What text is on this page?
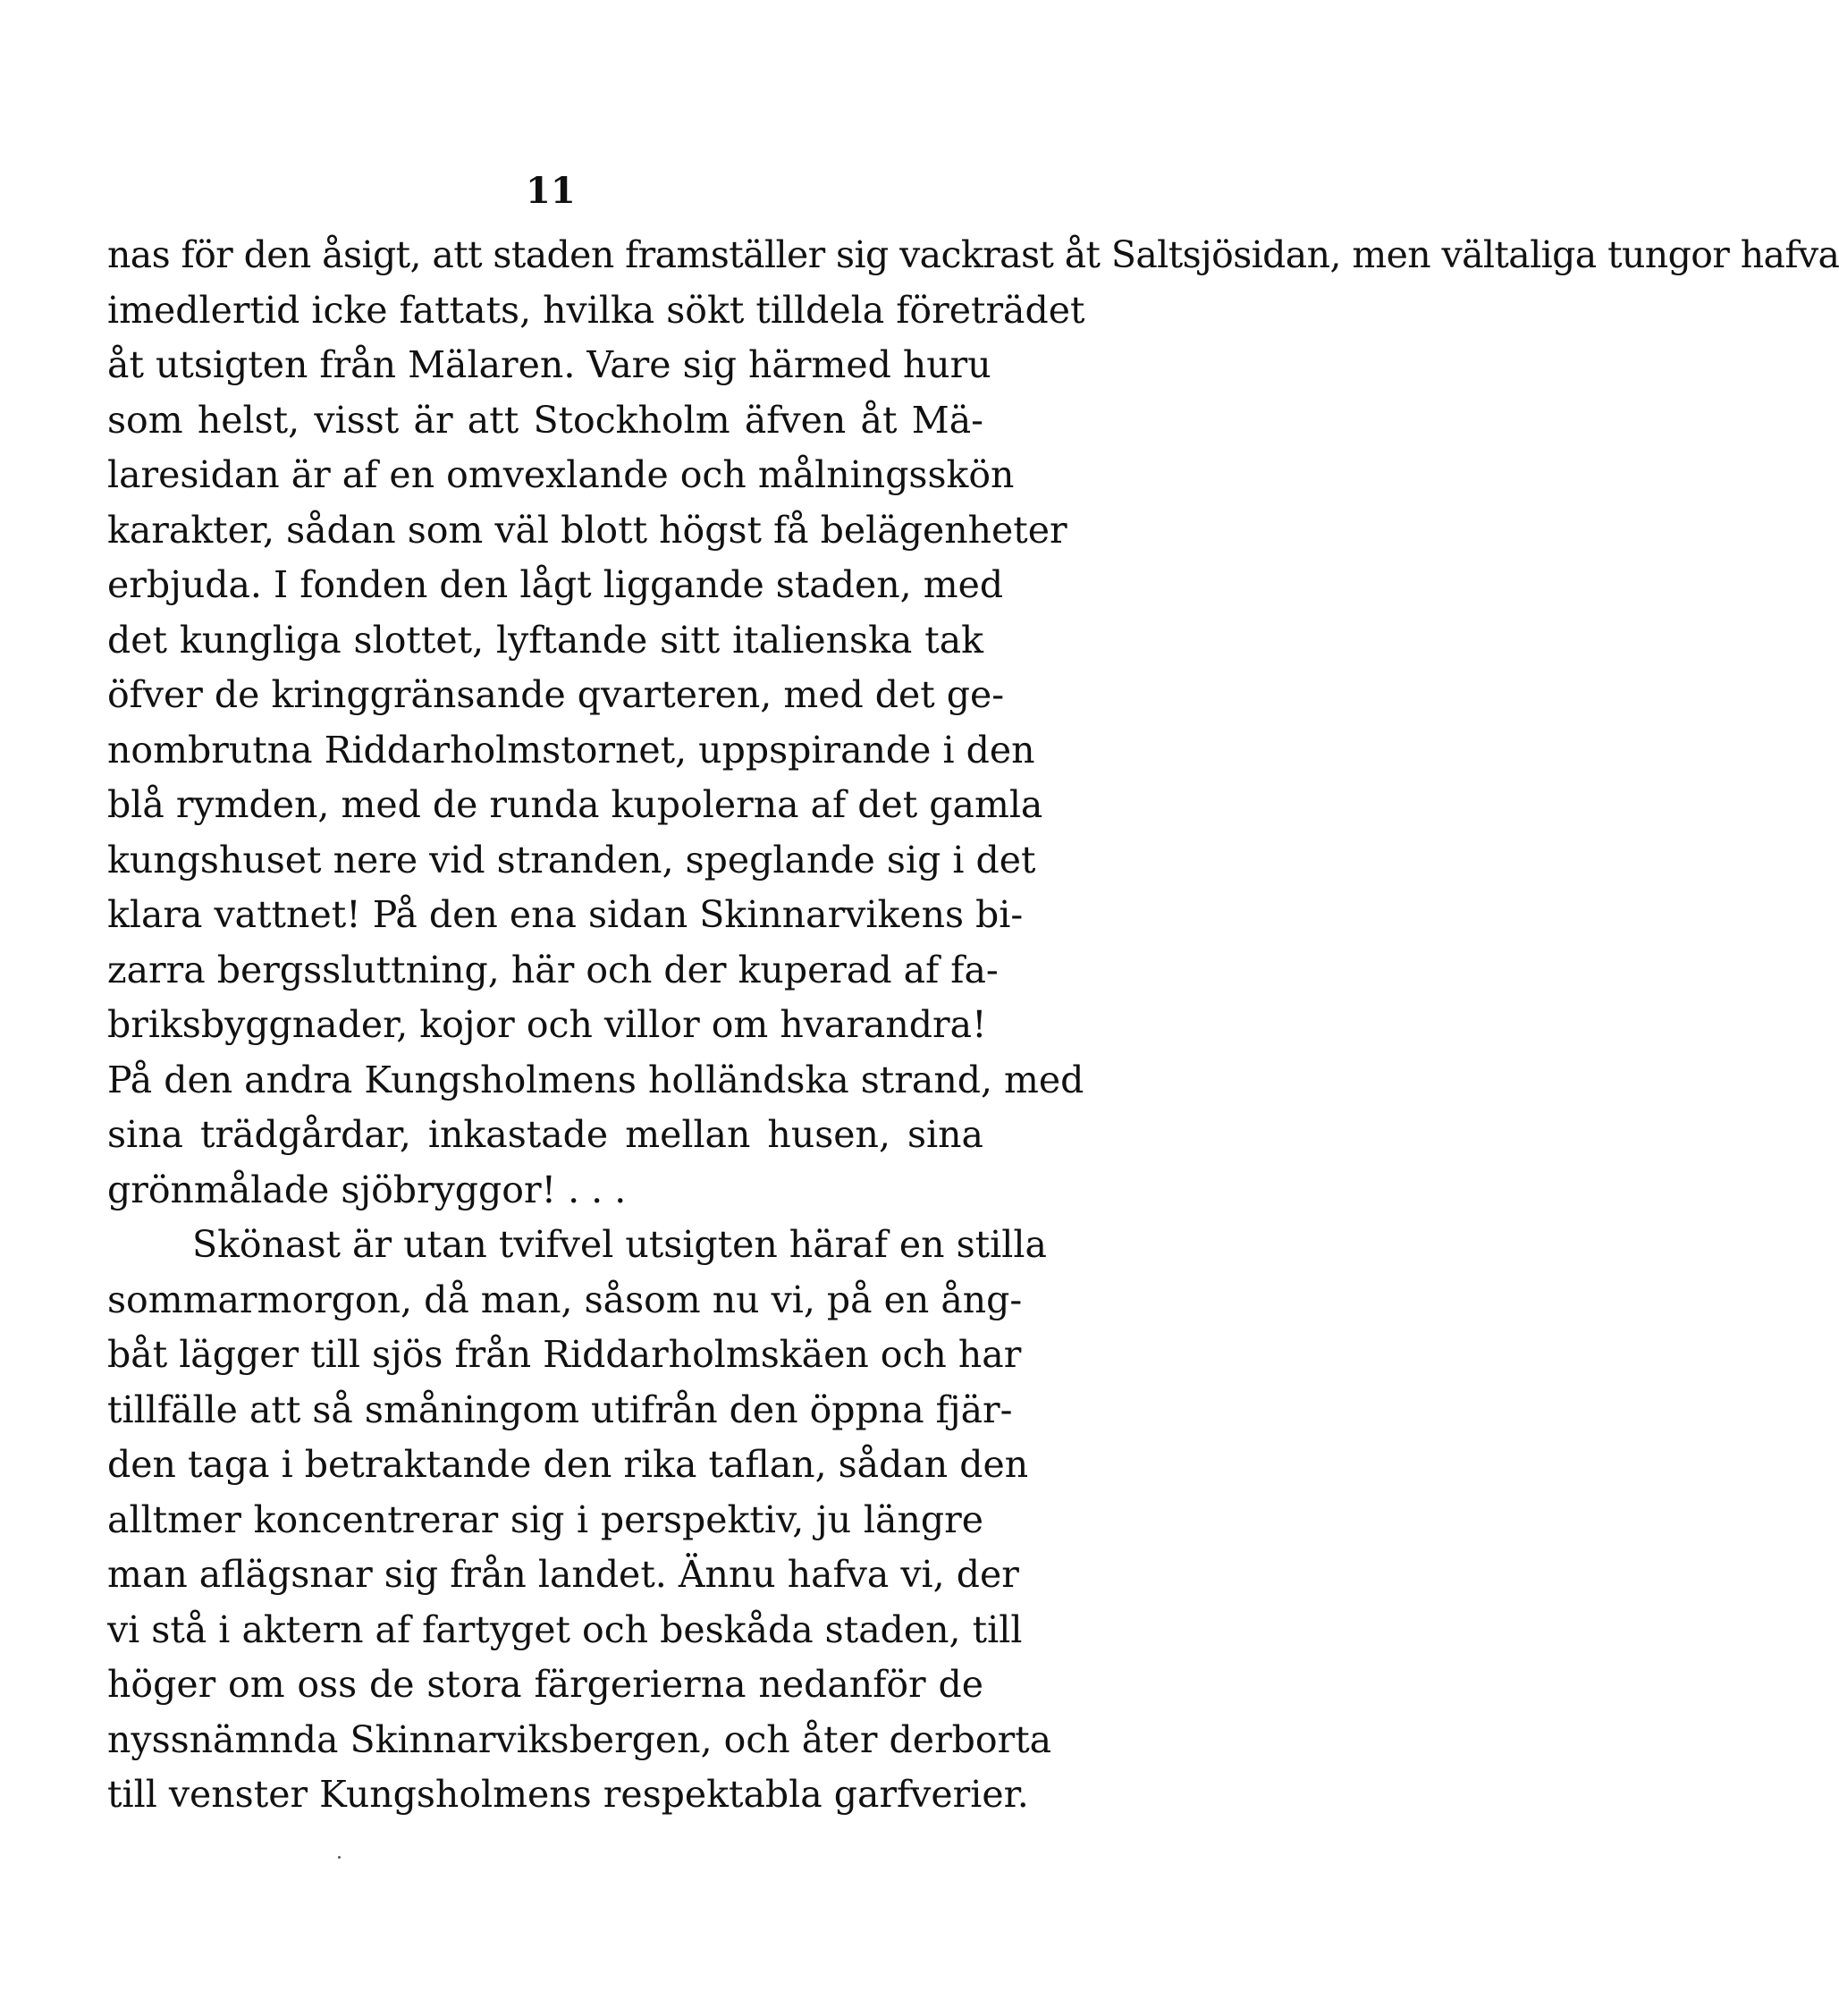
11
nas för den åsigt, att staden framställer sig vackrast åt Saltsjösidan, men vältaliga tungor hafva
imedlertid icke fattats, hvilka sökt tilldela företrädet
åt utsigten från Mälaren. Vare sig härmed huru
som helst, visst är att Stockholm äfven åt Mä-
laresidan är af en omvexlande och målningsskön
karakter, sådan som väl blott högst få belägenheter
erbjuda. I fonden den lågt liggande staden, med
det kungliga slottet, lyftande sitt italienska tak
öfver de kringgränsande qvarteren, med det ge-
nombrutna Riddarholmstornet, uppspirande i den
blå rymden, med de runda kupolerna af det gamla
kungshuset nere vid stranden, speglande sig i det
klara vattnet! På den ena sidan Skinnarvikens bi-
zarra bergssluttning, här och der kuperad af fa-
briksbyggnader, kojor och villor om hvarandra!
På den andra Kungsholmens holländska strand, med
sina trädgårdar, inkastade mellan husen, sina
grönmålade sjöbryggor! . . .
Skönast är utan tvifvel utsigten häraf en stilla
sommarmorgon, då man, såsom nu vi, på en ång-
båt lägger till sjös från Riddarholmskäen och har
tillfälle att så småningom utifrån den öppna fjär-
den taga i betraktande den rika taflan, sådan den
alltmer koncentrerar sig i perspektiv, ju längre
man aflägsnar sig från landet. Ännu hafva vi, der
vi stå i aktern af fartyget och beskåda staden, till
höger om oss de stora färgerierna nedanför de
nyssnämnda Skinnarviksbergen, och åter derborta
till venster Kungsholmens respektabla garfverier.
